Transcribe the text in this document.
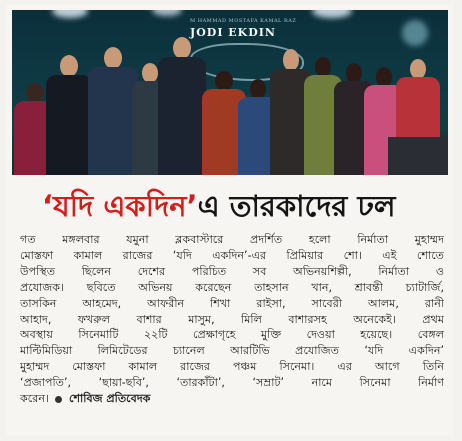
M HAMMAD MOSTAFA KAMAL RAZ
JODI EKDIN
‘যদি একদিন’এ তারকাদের ঢল
গত মঙ্গলবার যমুনা ব্লকবাস্টারে প্রদর্শিত হলো নির্মাতা মুহাম্মদ
মোস্তফা কামাল রাজের ‘যদি একদিন’-এর প্রিমিয়ার শো। এই শোতে
উপস্থিত ছিলেন দেশের পরিচিত সব অভিনয়শিল্পী, নির্মাতা ও
প্রযোজক। ছবিতে অভিনয় করেছেন তাহসান খান, শ্রাবন্তী চ্যাটার্জি,
তাসকিন আহমেদ, আফরীন শিখা রাইসা, সাবেরী আলম, রানী
আহাদ, ফখরুল বাশার মাসুম, মিলি বাশারসহ অনেকেই। প্রথম
অবস্থায় সিনেমাটি ২২টি প্রেক্ষাগৃহে মুক্তি দেওয়া হয়েছে। বেঙ্গল
মাল্টিমিডিয়া লিমিটেডের চ্যানেল আরটিভি প্রযোজিত ‘যদি একদিন’
মুহাম্মদ মোস্তফা কামাল রাজের পঞ্চম সিনেমা। এর আগে তিনি
‘প্রজাপতি’, ‘ছায়া-ছবি’, ‘তারকাঁটা’, ‘সম্রাট’ নামে সিনেমা নির্মাণ
করেন। শোবিজ প্রতিবেদক
